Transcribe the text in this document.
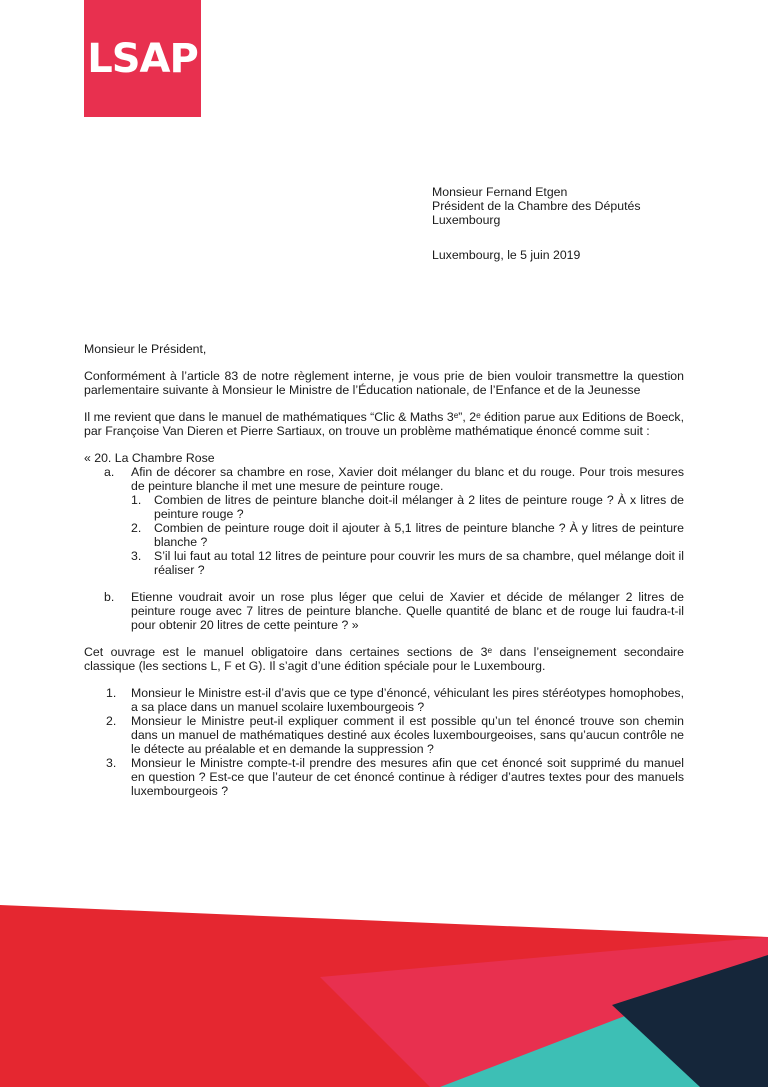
LSAP
Monsieur Fernand Etgen
Président de la Chambre des Députés
Luxembourg
Luxembourg, le 5 juin 2019

Monsieur le Président,

Conformément à l’article 83 de notre règlement interne, je vous prie de bien vouloir transmettre la question parlementaire suivante à Monsieur le Ministre de l’Éducation nationale, de l’Enfance et de la Jeunesse

Il me revient que dans le manuel de mathématiques “Clic & Maths 3ᵉ”, 2ᵉ édition parue aux Editions de Boeck, par Françoise Van Dieren et Pierre Sartiaux, on trouve un problème mathématique énoncé comme suit :

« 20. La Chambre Rose
a.	Afin de décorer sa chambre en rose, Xavier doit mélanger du blanc et du rouge. Pour trois mesures de peinture blanche il met une mesure de peinture rouge.
1.	Combien de litres de peinture blanche doit-il mélanger à 2 lites de peinture rouge ? À x litres de peinture rouge ?
2.	Combien de peinture rouge doit il ajouter à 5,1 litres de peinture blanche ? À y litres de peinture blanche ?
3.	S’il lui faut au total 12 litres de peinture pour couvrir les murs de sa chambre, quel mélange doit il réaliser ?
b.	Etienne voudrait avoir un rose plus léger que celui de Xavier et décide de mélanger 2 litres de peinture rouge avec 7 litres de peinture blanche. Quelle quantité de blanc et de rouge lui faudra-t-il pour obtenir 20 litres de cette peinture ? »

Cet ouvrage est le manuel obligatoire dans certaines sections de 3ᵉ dans l’enseignement secondaire classique (les sections L, F et G). Il s’agit d’une édition spéciale pour le Luxembourg.

1.	Monsieur le Ministre est-il d’avis que ce type d’énoncé, véhiculant les pires stéréotypes homophobes, a sa place dans un manuel scolaire luxembourgeois ?
2.	Monsieur le Ministre peut-il expliquer comment il est possible qu’un tel énoncé trouve son chemin dans un manuel de mathématiques destiné aux écoles luxembourgeoises, sans qu’aucun contrôle ne le détecte au préalable et en demande la suppression ?
3.	Monsieur le Ministre compte-t-il prendre des mesures afin que cet énoncé soit supprimé du manuel en question ? Est-ce que l’auteur de cet énoncé continue à rédiger d’autres textes pour des manuels luxembourgeois ?
